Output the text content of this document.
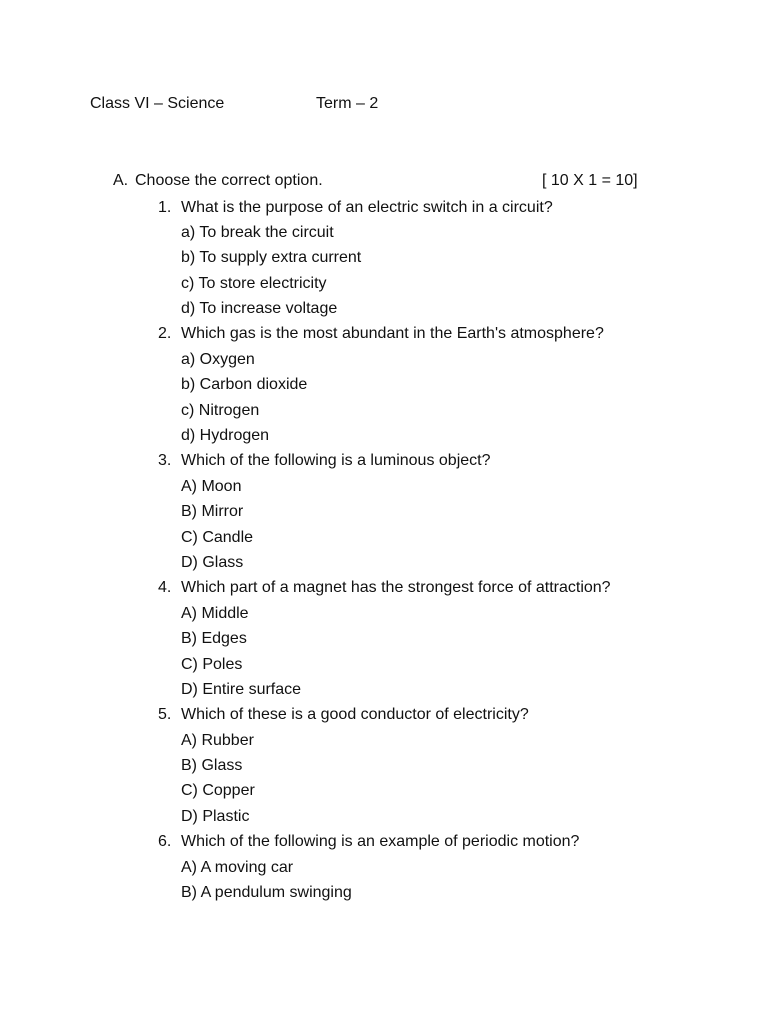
Class VI – Science	Term – 2
A. Choose the correct option.	[ 10 X 1 = 10]
1. What is the purpose of an electric switch in a circuit?
a) To break the circuit
b) To supply extra current
c) To store electricity
d) To increase voltage
2. Which gas is the most abundant in the Earth's atmosphere?
a) Oxygen
b) Carbon dioxide
c) Nitrogen
d) Hydrogen
3. Which of the following is a luminous object?
A) Moon
B) Mirror
C) Candle
D) Glass
4. Which part of a magnet has the strongest force of attraction?
A) Middle
B) Edges
C) Poles
D) Entire surface
5. Which of these is a good conductor of electricity?
A) Rubber
B) Glass
C) Copper
D) Plastic
6. Which of the following is an example of periodic motion?
A) A moving car
B) A pendulum swinging
